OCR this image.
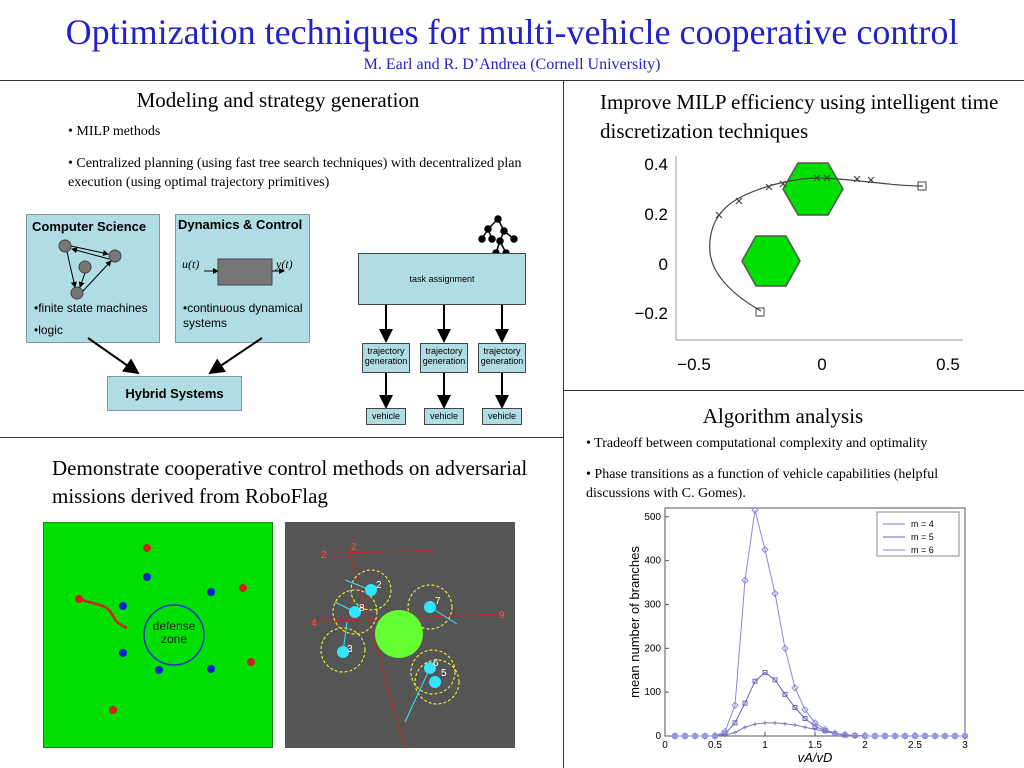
Optimization techniques for multi-vehicle cooperative control
M. Earl and R. D’Andrea (Cornell University)
Modeling and strategy generation
• MILP methods
• Centralized planning (using fast tree search techniques) with decentralized plan execution (using optimal trajectory primitives)
Computer Science
•finite state machines
•logic
Dynamics & Control
u(t)	y(t)
•continuous dynamical systems
Hybrid Systems
task assignment
trajectory generation
trajectory generation
trajectory generation
vehicle	vehicle	vehicle
Improve MILP efficiency using intelligent time discretization techniques
0.4
0.2
0
−0.2
−0.5	0	0.5
Demonstrate cooperative control methods on adversarial missions derived from RoboFlag
defense
zone
2
8
3
7
6
5
2
2
4
9
Algorithm analysis
• Tradeoff between computational complexity and optimality
• Phase transitions as a function of vehicle capabilities (helpful discussions with C. Gomes).
0	0.5	1	1.5	2	2.5	3
0
100
200
300
400
500
m = 4
m = 5
m = 6
vA/vD
mean number of branches
